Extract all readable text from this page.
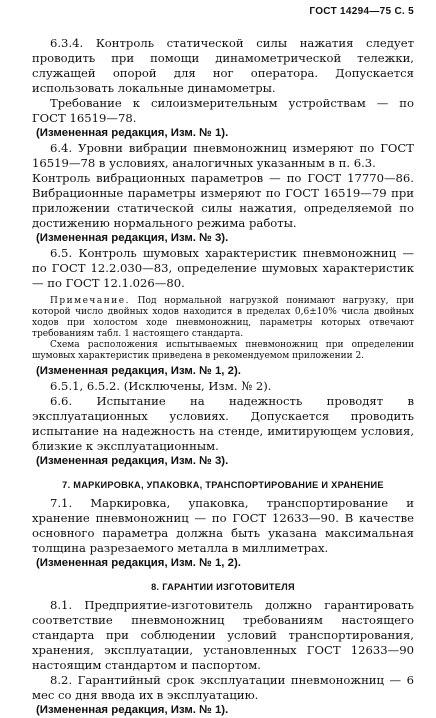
ГОСТ 14294—75 С. 5

6.3.4. Контроль статической силы нажатия следует проводить при помощи динамометрической тележки, служащей опорой для ног оператора. Допускается использовать локальные динамометры.

Требование к силоизмерительным устройствам — по ГОСТ 16519—78.

(Измененная редакция, Изм. № 1).

6.4. Уровни вибрации пневмоножниц измеряют по ГОСТ 16519—78 в условиях, аналогичных указанным в п. 6.3.

Контроль вибрационных параметров — по ГОСТ 17770—86. Вибрационные параметры измеряют по ГОСТ 16519—79 при приложении статической силы нажатия, определяемой по достижению нормального режима работы.

(Измененная редакция, Изм. № 3).

6.5. Контроль шумовых характеристик пневмоножниц — по ГОСТ 12.2.030—83, определение шумовых характеристик — по ГОСТ 12.1.026—80.

Примечание. Под нормальной нагрузкой понимают нагрузку, при которой число двойных ходов находится в пределах 0,6±10% числа двойных ходов при холостом ходе пневмоножниц, параметры которых отвечают требованиям табл. 1 настоящего стандарта.

Схема расположения испытываемых пневмоножниц при определении шумовых характеристик приведена в рекомендуемом приложении 2.

(Измененная редакция, Изм. № 1, 2).

6.5.1, 6.5.2. (Исключены, Изм. № 2).

6.6. Испытание на надежность проводят в эксплуатационных условиях. Допускается проводить испытание на надежность на стенде, имитирующем условия, близкие к эксплуатационным.

(Измененная редакция, Изм. № 3).

7. МАРКИРОВКА, УПАКОВКА, ТРАНСПОРТИРОВАНИЕ И ХРАНЕНИЕ

7.1. Маркировка, упаковка, транспортирование и хранение пневмоножниц — по ГОСТ 12633—90. В качестве основного параметра должна быть указана максимальная толщина разрезаемого металла в миллиметрах.

(Измененная редакция, Изм. № 1, 2).

8. ГАРАНТИИ ИЗГОТОВИТЕЛЯ

8.1. Предприятие-изготовитель должно гарантировать соответствие пневмоножниц требованиям настоящего стандарта при соблюдении условий транспортирования, хранения, эксплуатации, установленных ГОСТ 12633—90 настоящим стандартом и паспортом.

8.2. Гарантийный срок эксплуатации пневмоножниц — 6 мес со дня ввода их в эксплуатацию.

(Измененная редакция, Изм. № 1).
